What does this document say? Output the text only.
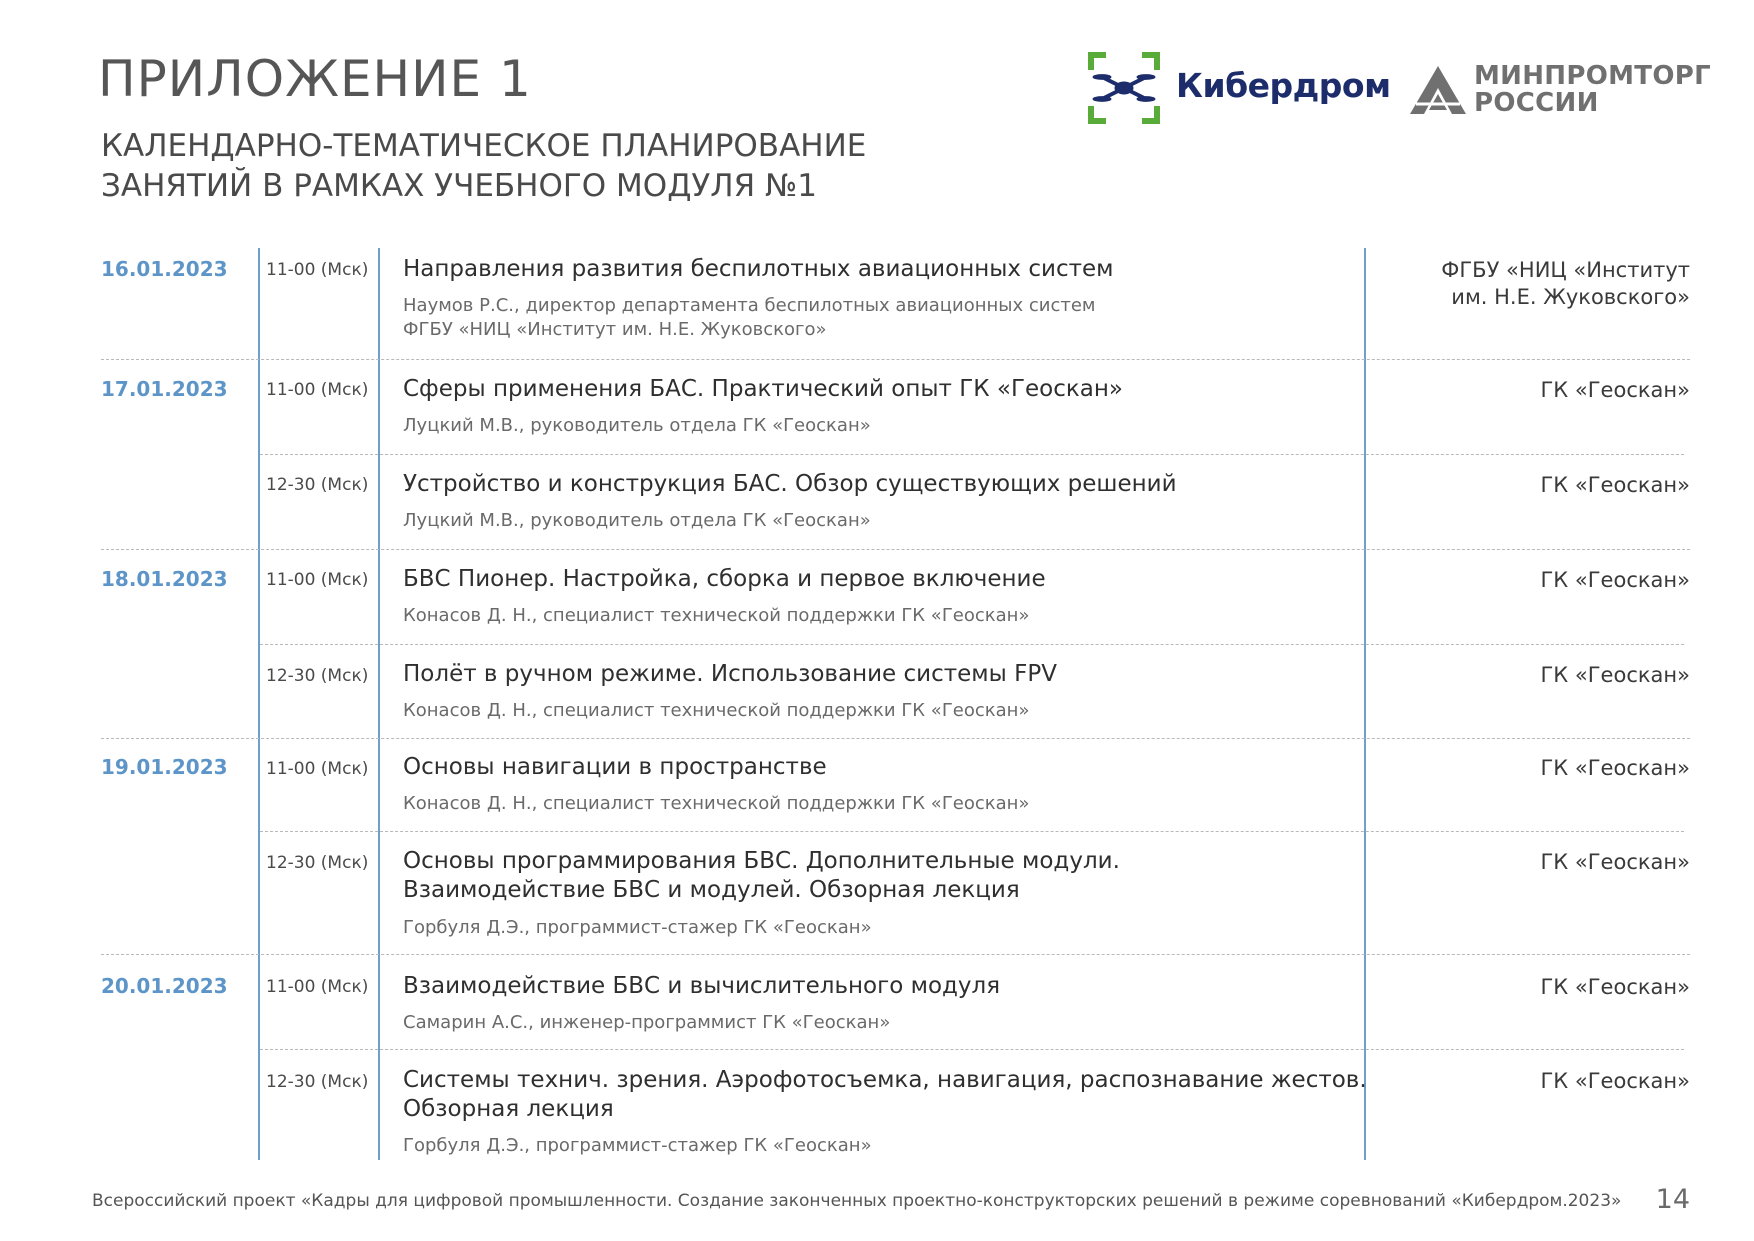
ПРИЛОЖЕНИЕ 1
КАЛЕНДАРНО-ТЕМАТИЧЕСКОЕ ПЛАНИРОВАНИЕ
ЗАНЯТИЙ В РАМКАХ УЧЕБНОГО МОДУЛЯ №1
Кибердром	МИНПРОМТОРГ
РОССИИ
16.01.2023
17.01.2023
18.01.2023
19.01.2023
20.01.2023
11-00 (Мск) Направления развития беспилотных авиационных систем
Наумов Р.С., директор департамента беспилотных авиационных систем
ФГБУ «НИЦ «Институт им. Н.Е. Жуковского»
ФГБУ «НИЦ «Институт
им. Н.Е. Жуковского»
11-00 (Мск) Сферы применения БАС. Практический опыт ГК «Геоскан»
Луцкий М.В., руководитель отдела ГК «Геоскан»
ГК «Геоскан»
12-30 (Мск) Устройство и конструкция БАС. Обзор существующих решений
Луцкий М.В., руководитель отдела ГК «Геоскан»
ГК «Геоскан»
11-00 (Мск) БВС Пионер. Настройка, сборка и первое включение
Конасов Д. Н., специалист технической поддержки ГК «Геоскан»
ГК «Геоскан»
12-30 (Мск) Полёт в ручном режиме. Использование системы FPV
Конасов Д. Н., специалист технической поддержки ГК «Геоскан»
ГК «Геоскан»
11-00 (Мск) Основы навигации в пространстве
Конасов Д. Н., специалист технической поддержки ГК «Геоскан»
ГК «Геоскан»
12-30 (Мск) Основы программирования БВС. Дополнительные модули.
Взаимодействие БВС и модулей. Обзорная лекция
Горбуля Д.Э., программист-стажер ГК «Геоскан»
ГК «Геоскан»
11-00 (Мск) Взаимодействие БВС и вычислительного модуля
Самарин А.С., инженер-программист ГК «Геоскан»
ГК «Геоскан»
12-30 (Мск) Системы технич. зрения. Аэрофотосъемка, навигация, распознавание жестов.
Обзорная лекция
Горбуля Д.Э., программист-стажер ГК «Геоскан»
ГК «Геоскан»
Всероссийский проект «Кадры для цифровой промышленности. Создание законченных проектно-конструкторских решений в режиме соревнований «Кибердром.2023» 14
